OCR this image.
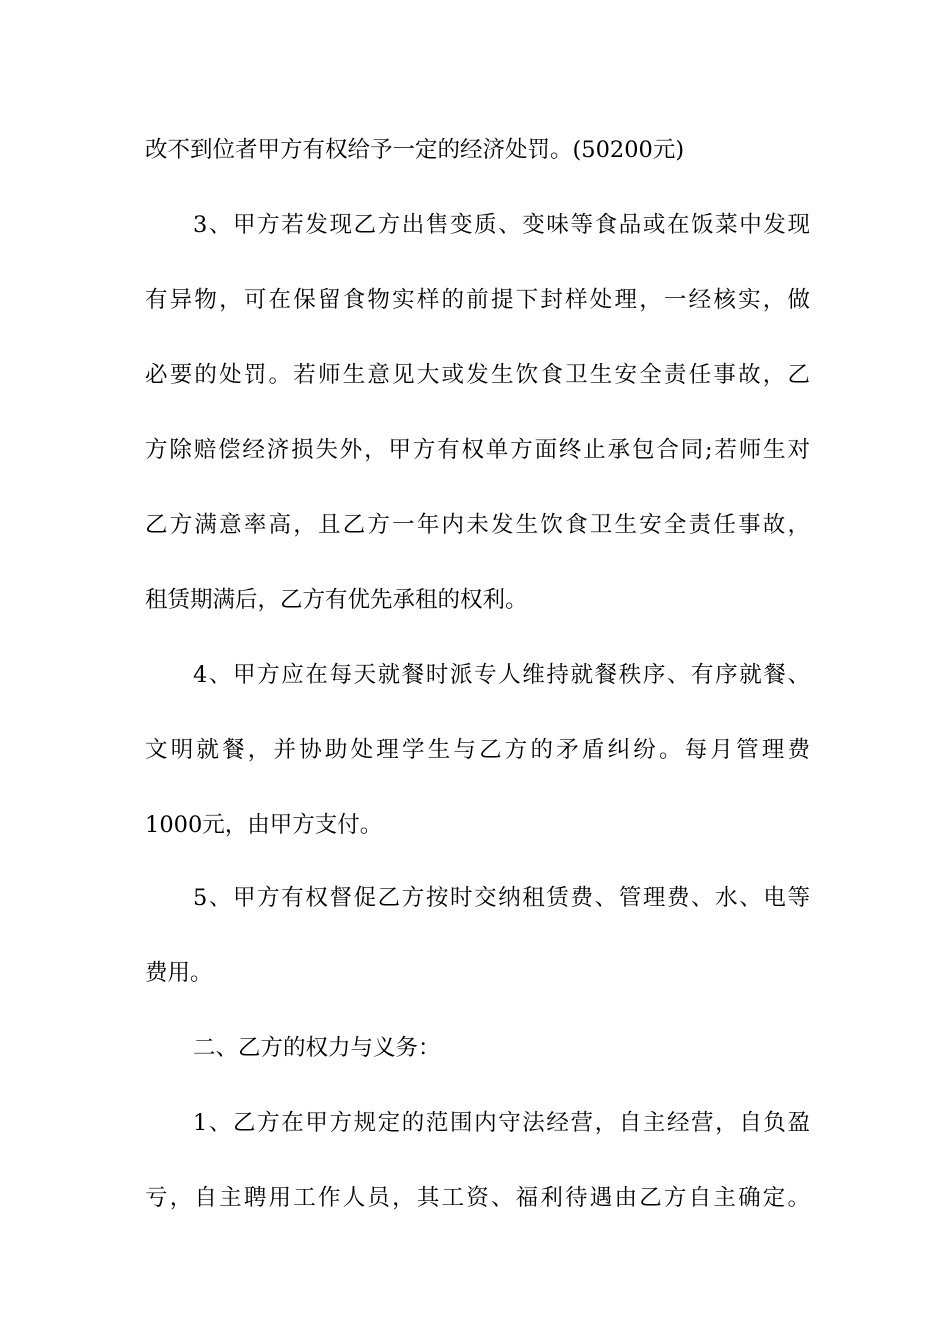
改不到位者甲方有权给予一定的经济处罚。(50200元)
3、甲方若发现乙方出售变质、变味等食品或在饭菜中发现
有异物，可在保留食物实样的前提下封样处理，一经核实，做
必要的处罚。若师生意见大或发生饮食卫生安全责任事故，乙
方除赔偿经济损失外，甲方有权单方面终止承包合同;若师生对
乙方满意率高，且乙方一年内未发生饮食卫生安全责任事故，
租赁期满后，乙方有优先承租的权利。
4、甲方应在每天就餐时派专人维持就餐秩序、有序就餐、
文明就餐，并协助处理学生与乙方的矛盾纠纷。每月管理费
1000元，由甲方支付。
5、甲方有权督促乙方按时交纳租赁费、管理费、水、电等
费用。
二、乙方的权力与义务：
1、乙方在甲方规定的范围内守法经营，自主经营，自负盈
亏，自主聘用工作人员，其工资、福利待遇由乙方自主确定。
